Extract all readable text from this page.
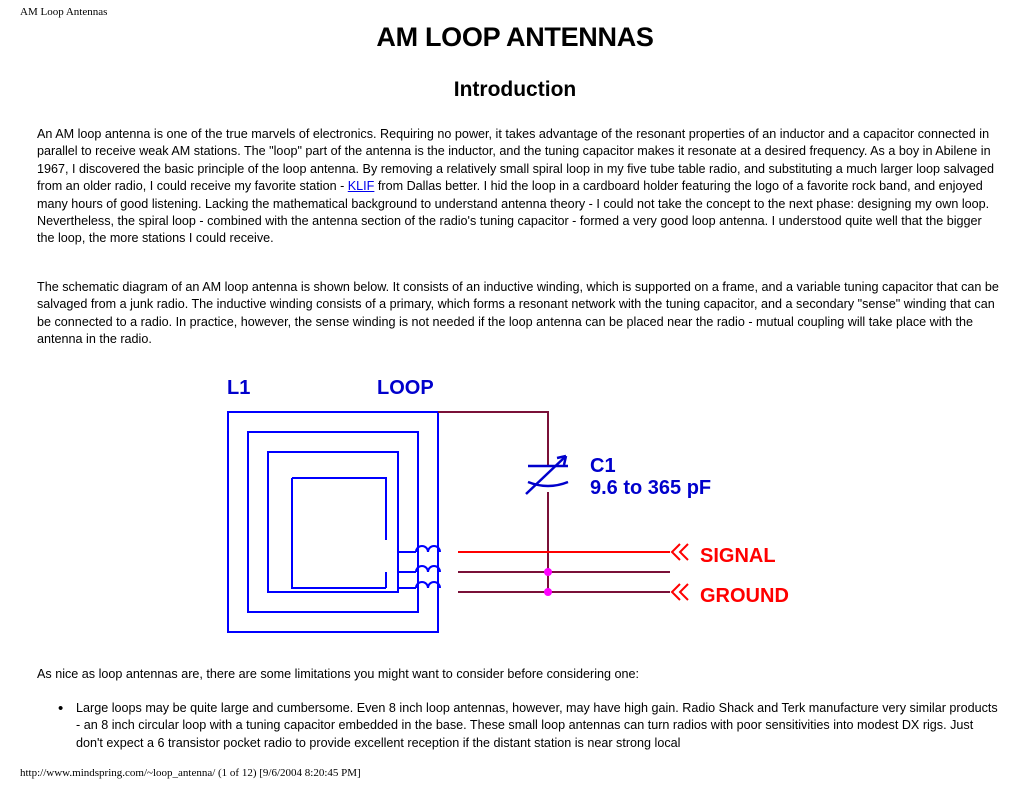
AM Loop Antennas
AM LOOP ANTENNAS
Introduction

An AM loop antenna is one of the true marvels of electronics. Requiring no power, it takes advantage of the resonant properties of an inductor and a capacitor connected in parallel to receive weak AM stations. The "loop" part of the antenna is the inductor, and the tuning capacitor makes it resonate at a desired frequency. As a boy in Abilene in 1967, I discovered the basic principle of the loop antenna. By removing a relatively small spiral loop in my five tube table radio, and substituting a much larger loop salvaged from an older radio, I could receive my favorite station - KLIF from Dallas better. I hid the loop in a cardboard holder featuring the logo of a favorite rock band, and enjoyed many hours of good listening. Lacking the mathematical background to understand antenna theory - I could not take the concept to the next phase: designing my own loop. Nevertheless, the spiral loop - combined with the antenna section of the radio's tuning capacitor - formed a very good loop antenna. I understood quite well that the bigger the loop, the more stations I could receive.

The schematic diagram of an AM loop antenna is shown below. It consists of an inductive winding, which is supported on a frame, and a variable tuning capacitor that can be salvaged from a junk radio. The inductive winding consists of a primary, which forms a resonant network with the tuning capacitor, and a secondary "sense" winding that can be connected to a radio. In practice, however, the sense winding is not needed if the loop antenna can be placed near the radio - mutual coupling will take place with the antenna in the radio.

L1	LOOP
C1
9.6 to 365 pF
SIGNAL
GROUND

As nice as loop antennas are, there are some limitations you might want to consider before considering one:

• Large loops may be quite large and cumbersome. Even 8 inch loop antennas, however, may have high gain. Radio Shack and Terk manufacture very similar products - an 8 inch circular loop with a tuning capacitor embedded in the base. These small loop antennas can turn radios with poor sensitivities into modest DX rigs. Just don't expect a 6 transistor pocket radio to provide excellent reception if the distant station is near strong local
http://www.mindspring.com/~loop_antenna/ (1 of 12) [9/6/2004 8:20:45 PM]
